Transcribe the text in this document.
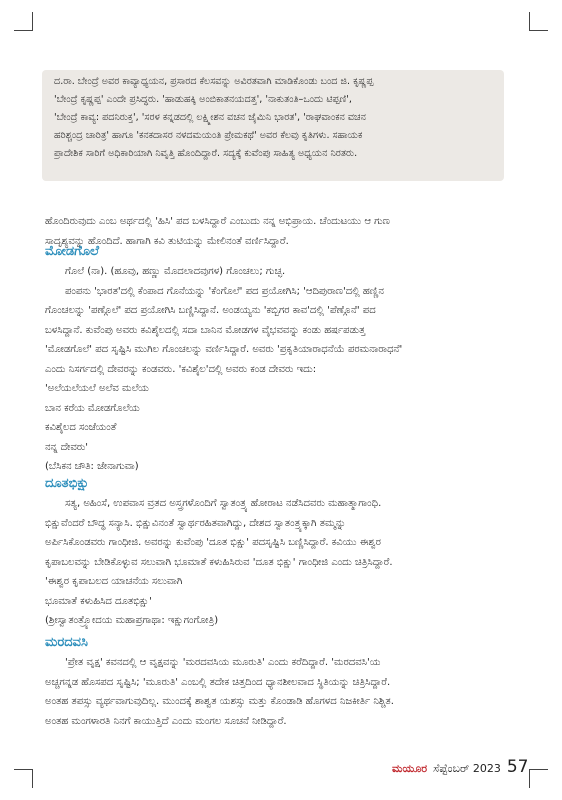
ದ.ರಾ. ಬೇಂದ್ರೆ ಅವರ ಕಾವ್ಯಾಧ್ಯಯನ, ಪ್ರಸಾರದ ಕೆಲಸವನ್ನು ಅವಿರತವಾಗಿ ಮಾಡಿಕೊಂಡು ಬಂದ ಜಿ. ಕೃಷ್ಣಪ್ಪ
'ಬೇಂದ್ರೆ ಕೃಷ್ಣಪ್ಪ' ಎಂದೇ ಪ್ರಸಿದ್ಧರು. 'ಹಾಡುಹಕ್ಕಿ ಅಂಬಿಕಾತನಯದತ್ತ', 'ನಾಕುತಂತಿ–ಒಂದು ಟಿಪ್ಪಣಿ',
'ಬೇಂದ್ರೆ ಕಾವ್ಯ: ಪದನಿರುಕ್ತ', 'ಸರಳ ಕನ್ನಡದಲ್ಲಿ ಲಕ್ಷ್ಮೀಶನ ವಚನ ಜೈಮಿನಿ ಭಾರತ', 'ರಾಘವಾಂಕನ ವಚನ
ಹರಿಶ್ಚಂದ್ರ ಚಾರಿತ್ರ' ಹಾಗೂ 'ಕನಕದಾಸರ ನಳದಮಯಂತಿ ಪ್ರೇಮಕಥೆ' ಅವರ ಕೆಲವು ಕೃತಿಗಳು. ಸಹಾಯಕ
ಪ್ರಾದೇಶಿಕ ಸಾರಿಗೆ ಅಧಿಕಾರಿಯಾಗಿ ನಿವೃತ್ತಿ ಹೊಂದಿದ್ದಾರೆ. ಸದ್ಯಕ್ಕೆ ಕುವೆಂಪು ಸಾಹಿತ್ಯ ಅಧ್ಯಯನ ನಿರತರು.

ಹೊಂದಿರುವುದು ಎಂಬ ಅರ್ಥದಲ್ಲಿ 'ಹಿಸಿ' ಪದ ಬಳಸಿದ್ದಾರೆ ಎಂಬುದು ನನ್ನ ಅಭಿಪ್ರಾಯ. ಚೆಂದುಟಯು ಆ ಗುಣ

ಸಾದೃಶ್ಯವನ್ನು ಹೊಂದಿದೆ. ಹಾಗಾಗಿ ಕವಿ ತುಟಿಯನ್ನು ಮೇಲಿನಂತೆ ವರ್ಣಿಸಿದ್ದಾರೆ.

ಮೋಡಗೊಲೆ

ಗೊಲೆ (ನಾ). (ಹೂವು, ಹಣ್ಣು ಮೊದಲಾದವುಗಳ) ಗೊಂಚಲು; ಗುಚ್ಛ.

ಪಂಪನು 'ಭಾರತ'ದಲ್ಲಿ ಕೆಂಪಾದ ಗೊನೆಯನ್ನು 'ಕೆಂಗೊಲೆ' ಪದ ಪ್ರಯೋಗಿಸಿ; 'ಆದಿಪುರಾಣ'ದಲ್ಲಿ ಹಣ್ಣಿನ

ಗೊಂಚಲನ್ನು 'ಪಣ್ಗೊಲೆ' ಪದ ಪ್ರಯೋಗಿಸಿ ಬಣ್ಣಿಸಿದ್ದಾನೆ. ಅಂಡಯ್ಯನು 'ಕಬ್ಬಿಗರ ಕಾವ'ದಲ್ಲಿ 'ಪೆಣ್ಗೊನೆ' ಪದ

ಬಳಸಿದ್ದಾನೆ. ಕುವೆಂಪು ಅವರು ಕವಿಶೈಲದಲ್ಲಿ ಸದಾ ಬಾನಿನ ಮೋಡಗಳ ವೈಭವವನ್ನು ಕಂಡು ಹರ್ಷಪಡುತ್ತ

'ಮೋಡಗೊಲೆ' ಪದ ಸೃಷ್ಟಿಸಿ ಮುಗಿಲ ಗೊಂಚಲನ್ನು ವರ್ಣಿಸಿದ್ದಾರೆ. ಅವರು 'ಪ್ರಕೃತಿಯಾರಾಧನೆಯೆ ಪರಮನಾರಾಧನೆ'

ಎಂದು ನಿಸರ್ಗದಲ್ಲಿ ದೇವರನ್ನು ಕಂಡವರು. 'ಕವಿಶೈಲ'ದಲ್ಲಿ ಅವರು ಕಂಡ ದೇವರು ಇದು:

'ಅಲೆಯಲೆಯಲೆ ಅಲೆವ ಮಲೆಯ

ಬಾನ ಕರೆಯ ಮೋಡಗೊಲೆಯ

ಕವಿಶೈಲದ ಸಂಜೆಯಂತೆ

ನನ್ನ ದೇವರು'

(ಬೆಸಿಕನ ಚೌತಿ: ಜೇನಾಗುವಾ)

ದೂತಭಿಕ್ಷು

ಸತ್ಯ, ಅಹಿಂಸೆ, ಉಪವಾಸ ವ್ರತದ ಅಸ್ತ್ರಗಳೊಂದಿಗೆ ಸ್ವಾತಂತ್ರ್ಯ ಹೋರಾಟ ನಡೆಸಿದವರು ಮಹಾತ್ಮಾಗಾಂಧಿ.

ಭಿಕ್ಷುವೆಂದರೆ ಬೌದ್ಧ ಸನ್ಯಾಸಿ. ಭಿಕ್ಷುವಿನಂತೆ ಸ್ವಾರ್ಥರಹಿತವಾಗಿದ್ದು, ದೇಶದ ಸ್ವಾತಂತ್ರ್ಯಕ್ಕಾಗಿ ತಮ್ಮನ್ನು

ಅರ್ಪಿಸಿಕೊಂಡವರು ಗಾಂಧೀಜಿ. ಅವರನ್ನು ಕುವೆಂಪು 'ದೂತ ಭಿಕ್ಷು' ಪದಸೃಷ್ಟಿಸಿ ಬಣ್ಣಿಸಿದ್ದಾರೆ. ಕವಿಯು ಈಶ್ವರ

ಕೃಪಾಬಲವನ್ನು ಬೇಡಿಕೊಳ್ಳುವ ಸಲುವಾಗಿ ಭೂಮಾತೆ ಕಳುಹಿಸಿರುವ 'ದೂತ ಭಿಕ್ಷು' ಗಾಂಧೀಜಿ ಎಂದು ಚಿತ್ರಿಸಿದ್ದಾರೆ.

'ಈಶ್ವರ ಕೃಪಾಬಲದ ಯಾಚನೆಯ ಸಲುವಾಗಿ

ಭೂಮಾತೆ ಕಳುಹಿಸಿದ ದೂತಭಿಕ್ಷು'

(ಶ್ರೀಸ್ವಾತಂತ್ರ್ಯೋದಯ ಮಹಾಪ್ರಗಾಥಾ: ಇಕ್ಷುಗಂಗೋತ್ರಿ)

ಮರದವಸಿ

'ಪ್ರೇತ ವೃಕ್ಷ' ಕವನದಲ್ಲಿ ಆ ವೃಕ್ಷವನ್ನು 'ಮರದವಸಿಯ ಮೂರುತಿ' ಎಂದು ಕರೆದಿದ್ದಾರೆ. 'ಮರದವಸಿ'ಯ

ಅಚ್ಚಗನ್ನಡ ಹೊಸಪದ ಸೃಷ್ಟಿಸಿ; 'ಮೂರುತಿ' ಎಂಬಲ್ಲಿ ತದೇಕ ಚಿತ್ತದಿಂದ ಧ್ಯಾನಶೀಲವಾದ ಸ್ಥಿತಿಯನ್ನು ಚಿತ್ರಿಸಿದ್ದಾರೆ.

ಅಂತಹ ತಪಸ್ಸು ವ್ಯರ್ಥವಾಗುವುದಿಲ್ಲ. ಮುಂದಕ್ಕೆ ಶಾಶ್ವತ ಯಶಸ್ಸು ಮತ್ತು ಕೊಂಡಾಡಿ ಹೊಗಳದ ನಿಜಕೀರ್ತಿ ನಿಶ್ಚಿತ.

ಅಂತಹ ಮಂಗಳಾರತಿ ನಿನಗೆ ಕಾಯುತ್ತಿದೆ ಎಂದು ಮಂಗಲ ಸೂಚನೆ ನೀಡಿದ್ದಾರೆ.

ಮಯೂರ ಸೆಪ್ಟೆಂಬರ್ 2023 57
